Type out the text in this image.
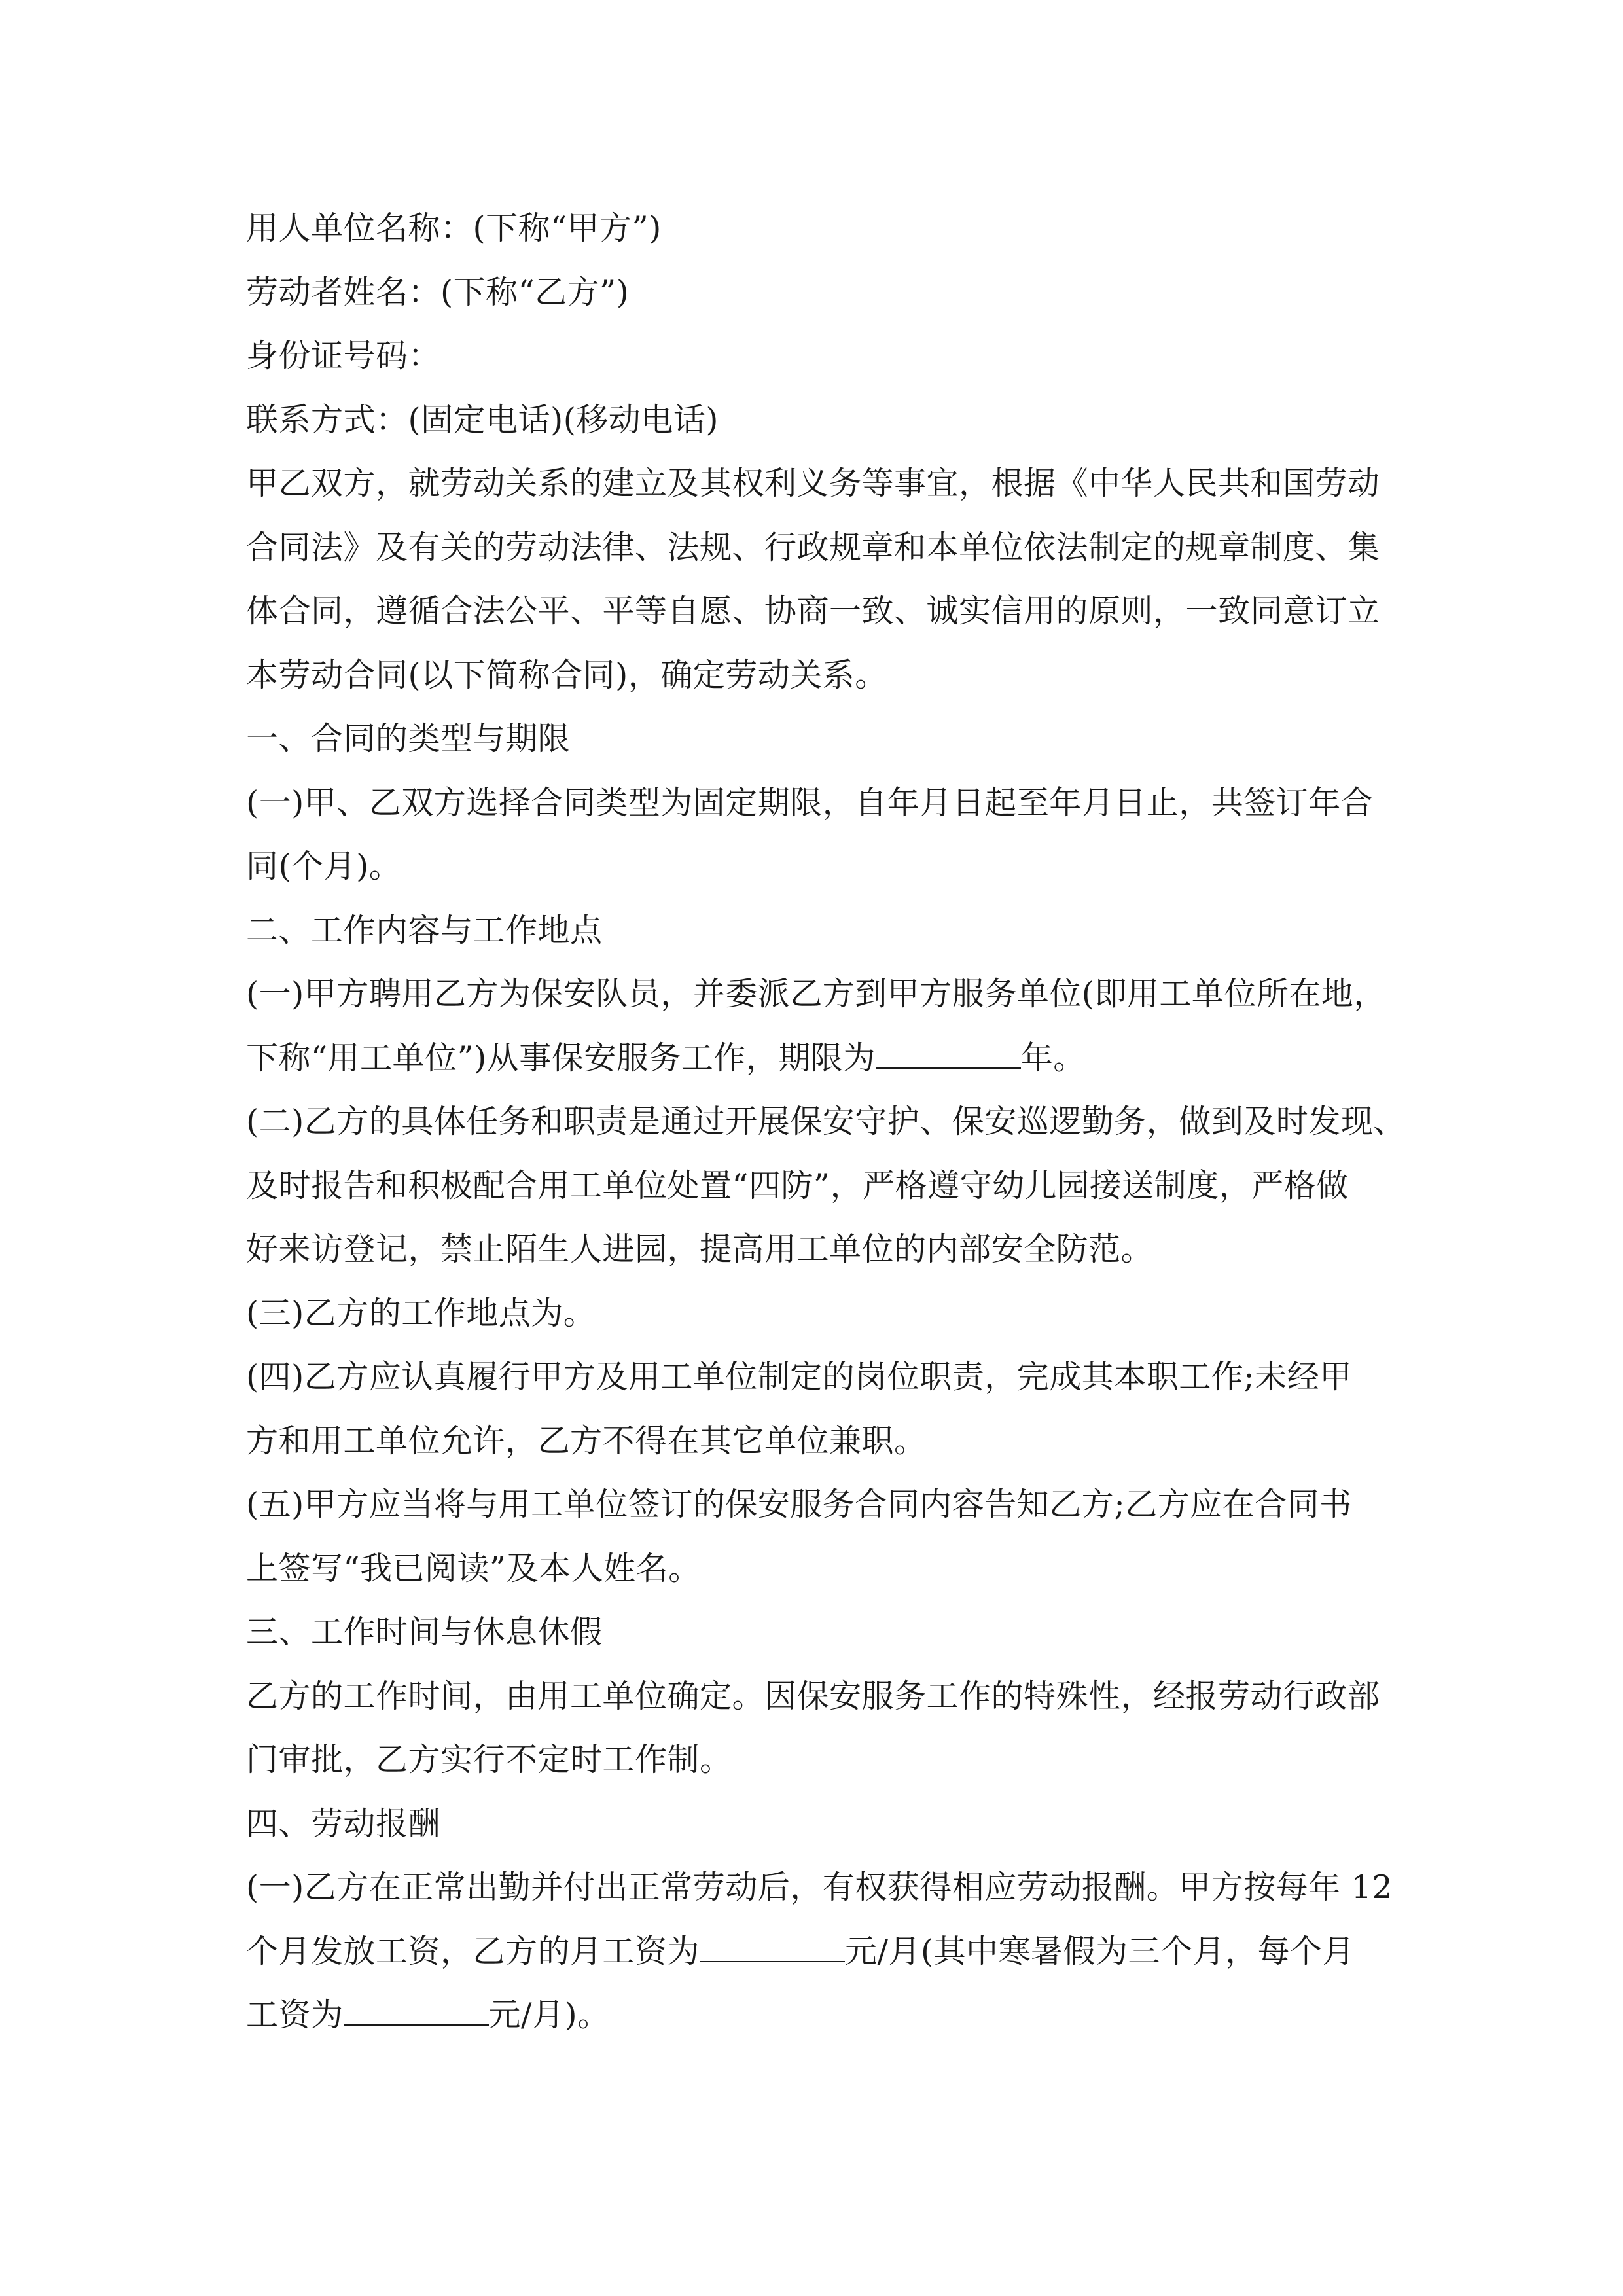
用人单位名称：(下称“甲方”)

劳动者姓名：(下称“乙方”)

身份证号码：

联系方式：(固定电话)(移动电话)

甲乙双方，就劳动关系的建立及其权利义务等事宜，根据《中华人民共和国劳动

合同法》及有关的劳动法律、法规、行政规章和本单位依法制定的规章制度、集

体合同，遵循合法公平、平等自愿、协商一致、诚实信用的原则，一致同意订立

本劳动合同(以下简称合同)，确定劳动关系。

一、合同的类型与期限

(一)甲、乙双方选择合同类型为固定期限，自年月日起至年月日止，共签订年合

同(个月)。

二、工作内容与工作地点

(一)甲方聘用乙方为保安队员，并委派乙方到甲方服务单位(即用工单位所在地，

下称“用工单位”)从事保安服务工作，期限为	年。

(二)乙方的具体任务和职责是通过开展保安守护、保安巡逻勤务，做到及时发现、

及时报告和积极配合用工单位处置“四防”，严格遵守幼儿园接送制度，严格做

好来访登记，禁止陌生人进园，提高用工单位的内部安全防范。

(三)乙方的工作地点为。

(四)乙方应认真履行甲方及用工单位制定的岗位职责，完成其本职工作;未经甲

方和用工单位允许，乙方不得在其它单位兼职。

(五)甲方应当将与用工单位签订的保安服务合同内容告知乙方;乙方应在合同书

上签写“我已阅读”及本人姓名。

三、工作时间与休息休假

乙方的工作时间，由用工单位确定。因保安服务工作的特殊性，经报劳动行政部

门审批，乙方实行不定时工作制。

四、劳动报酬

(一)乙方在正常出勤并付出正常劳动后，有权获得相应劳动报酬。甲方按每年 12

个月发放工资，乙方的月工资为	元/月(其中寒暑假为三个月，每个月

工资为	元/月)。
